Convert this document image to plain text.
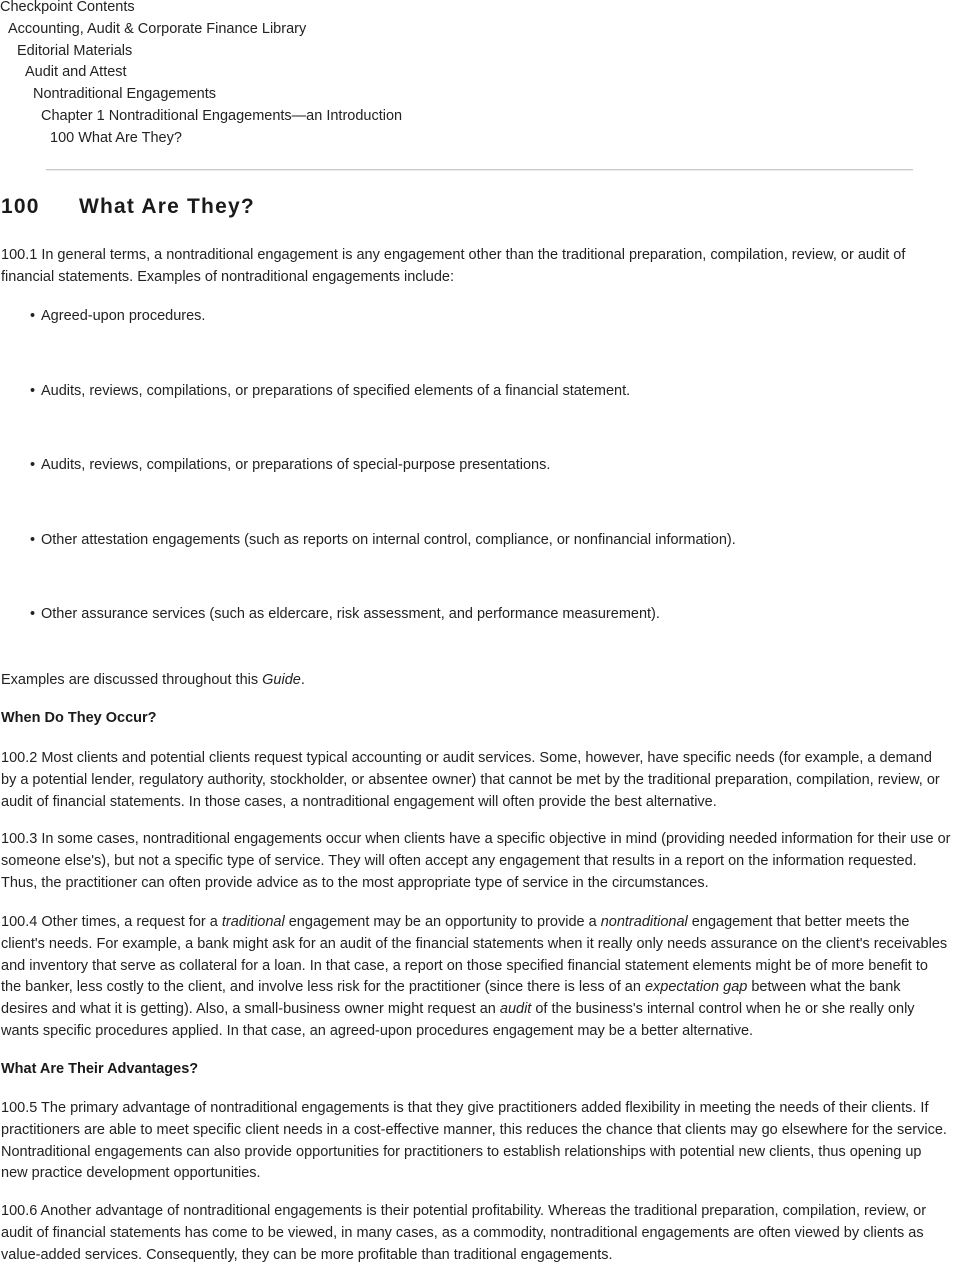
Checkpoint Contents
Accounting, Audit & Corporate Finance Library
Editorial Materials
Audit and Attest
Nontraditional Engagements
Chapter 1 Nontraditional Engagements—an Introduction
100 What Are They?
100 What Are They?

100.1 In general terms, a nontraditional engagement is any engagement other than the traditional preparation, compilation, review, or audit of financial statements. Examples of nontraditional engagements include:

• Agreed-upon procedures.
• Audits, reviews, compilations, or preparations of specified elements of a financial statement.
• Audits, reviews, compilations, or preparations of special-purpose presentations.
• Other attestation engagements (such as reports on internal control, compliance, or nonfinancial information).
• Other assurance services (such as eldercare, risk assessment, and performance measurement).

Examples are discussed throughout this Guide.

When Do They Occur?

100.2 Most clients and potential clients request typical accounting or audit services. Some, however, have specific needs (for example, a demand by a potential lender, regulatory authority, stockholder, or absentee owner) that cannot be met by the traditional preparation, compilation, review, or audit of financial statements. In those cases, a nontraditional engagement will often provide the best alternative.

100.3 In some cases, nontraditional engagements occur when clients have a specific objective in mind (providing needed information for their use or someone else's), but not a specific type of service. They will often accept any engagement that results in a report on the information requested. Thus, the practitioner can often provide advice as to the most appropriate type of service in the circumstances.

100.4 Other times, a request for a traditional engagement may be an opportunity to provide a nontraditional engagement that better meets the client's needs. For example, a bank might ask for an audit of the financial statements when it really only needs assurance on the client's receivables and inventory that serve as collateral for a loan. In that case, a report on those specified financial statement elements might be of more benefit to the banker, less costly to the client, and involve less risk for the practitioner (since there is less of an expectation gap between what the bank desires and what it is getting). Also, a small-business owner might request an audit of the business's internal control when he or she really only wants specific procedures applied. In that case, an agreed-upon procedures engagement may be a better alternative.

What Are Their Advantages?

100.5 The primary advantage of nontraditional engagements is that they give practitioners added flexibility in meeting the needs of their clients. If practitioners are able to meet specific client needs in a cost-effective manner, this reduces the chance that clients may go elsewhere for the service. Nontraditional engagements can also provide opportunities for practitioners to establish relationships with potential new clients, thus opening up new practice development opportunities.

100.6 Another advantage of nontraditional engagements is their potential profitability. Whereas the traditional preparation, compilation, review, or audit of financial statements has come to be viewed, in many cases, as a commodity, nontraditional engagements are often viewed by clients as value-added services. Consequently, they can be more profitable than traditional engagements.
